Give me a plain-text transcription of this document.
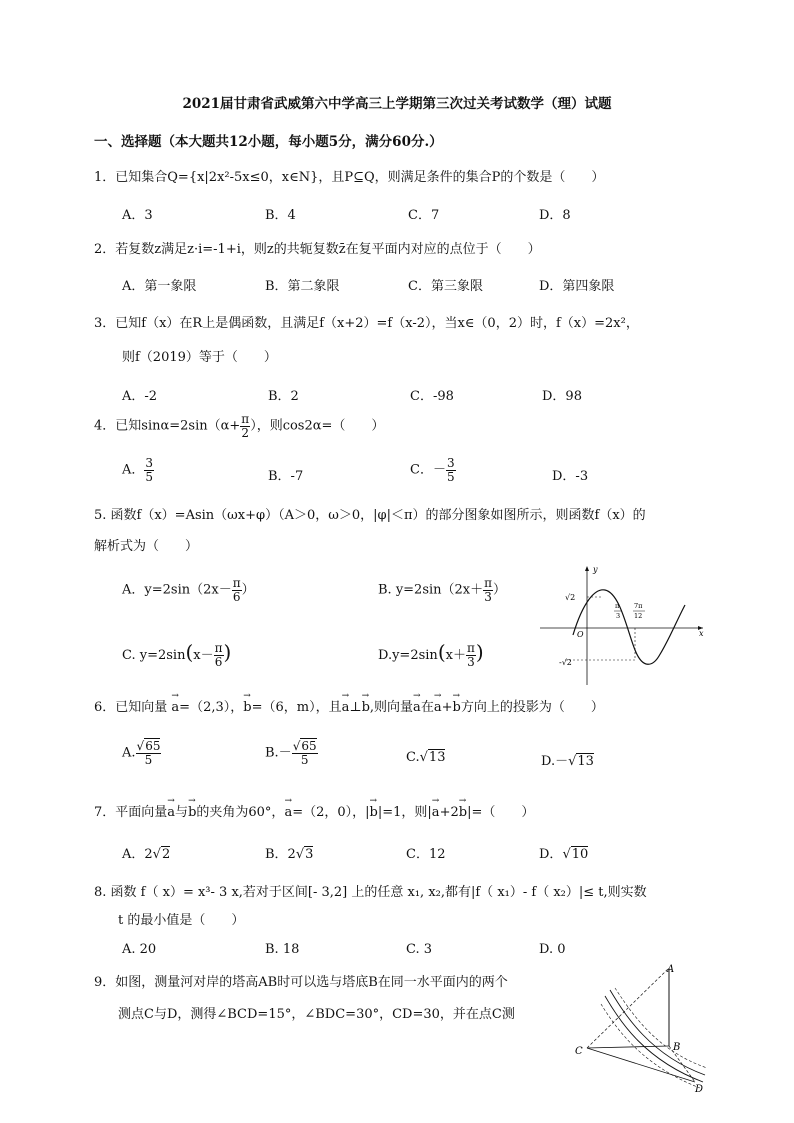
2021届甘肃省武威第六中学高三上学期第三次过关考试数学（理）试题
一、选择题（本大题共12小题，每小题5分，满分60分.）
1．已知集合Q={x|2x²-5x≤0，x∈N}，且P⊆Q，则满足条件的集合P的个数是（　　）
A．3	B．4	C．7	D．8
2．若复数z满足z·i=-1+i，则z的共轭复数z̄在复平面内对应的点位于（　　）
A．第一象限	B．第二象限	C．第三象限	D．第四象限
3．已知f（x）在R上是偶函数，且满足f（x+2）=f（x-2），当x∈（0，2）时，f（x）=2x²，
则f（2019）等于（　　）
A．-2	B．2	C．-98	D．98
4．已知$\sin\alpha=2\sin(\alpha+ \frac{\pi}{2}$ ），则cos2α=（　　）
A． $\frac{3}{5}$	B．-7	C．－ $\frac{3}{5}$	D．-3
5. 函数f（x）=Asin（ωx+φ）（A＞0，ω＞0，|φ|＜π）的部分图象如图所示，则函数f（x）的
解析式为（　　）
A．$y=2\sin(2x- \frac{\pi}{6}$ ）	B. $y=2\sin(2x+ \frac{\pi}{3}$ ）
C. $y=2\sin(x- \frac{\pi}{6}$ )	$D.y=2\sin(x+ \frac{\pi}{3}$ )
y
x
O
√2
-√2
π
3
7π
12
6．已知向量 → a=（2,3），→ b=（6，m），且→ a⊥→ b,则向量→ a在→ a+→ b方向上的投影为（　　）
A. $\frac{√65}{5}$	$B.- \frac{√65}{5}$	C.√13	D.－√13
7．平面向量→ a与→ b的夹角为60°，→ a=（2，0），|→ b|=1，则|→ a+2→ b|=（　　）
A．2√2	B．2√3	C．12	D．√10
8. 函数 f（ x）= x³- 3 x,若对于区间[- 3,2] 上的任意 x₁, x₂,都有|f（ x₁）- f（ x₂）|≤ t,则实数
t 的最小值是（　　）
A. 20	B. 18	C. 3	D. 0
9．如图，测量河对岸的塔高AB时可以选与塔底B在同一水平面内的两个
测点C与D，测得∠BCD=15°，∠BDC=30°，CD=30，并在点C测
A
B
C
D
